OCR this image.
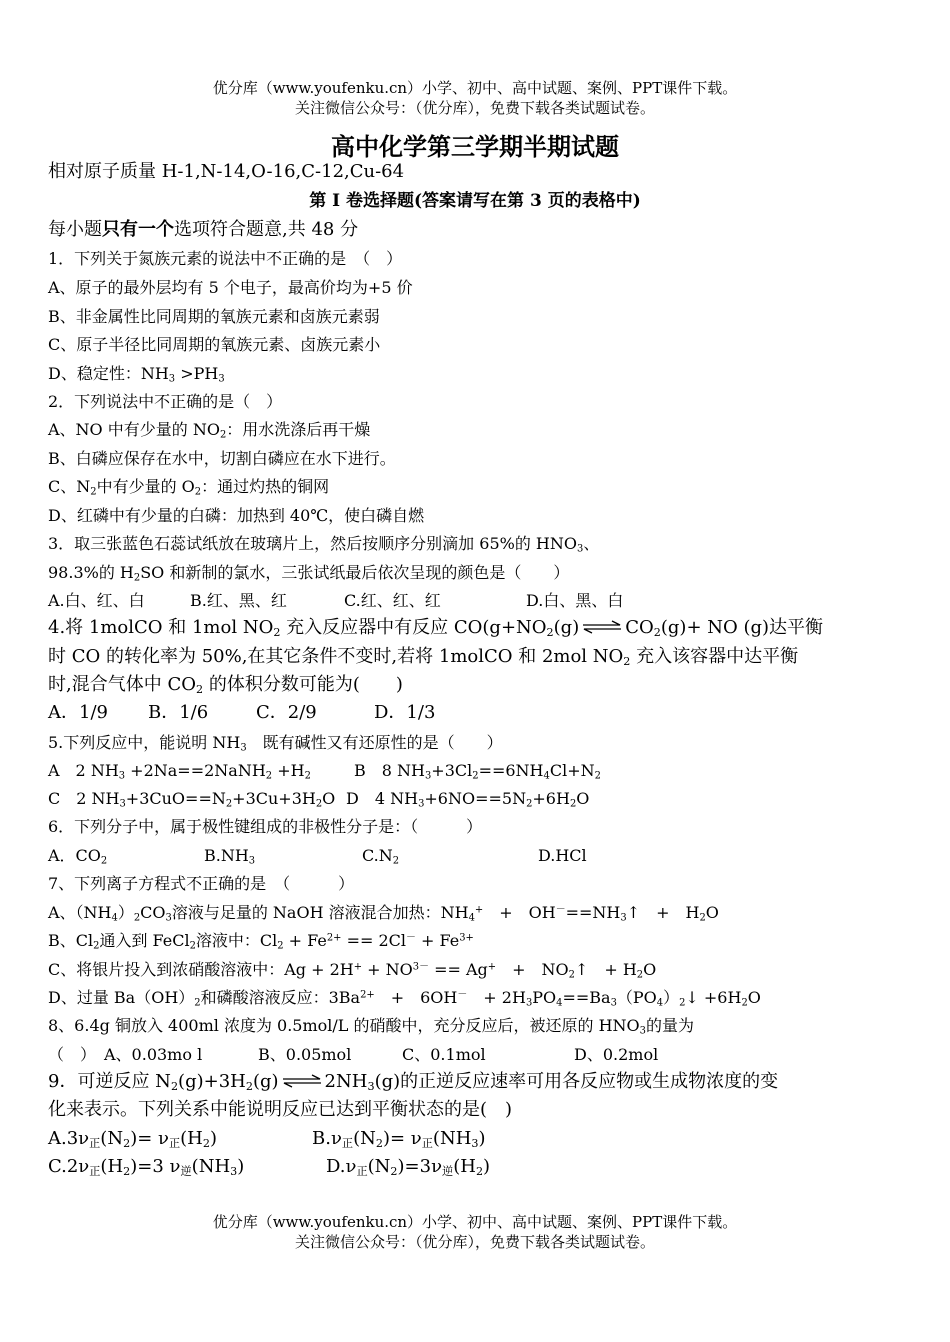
优分库（www.youfenku.cn）小学、初中、高中试题、案例、PPT课件下载。
关注微信公众号：（优分库），免费下载各类试题试卷。
高中化学第三学期半期试题
相对原子质量 H-1,N-14,O-16,C-12,Cu-64
第 I 卷选择题(答案请写在第 3 页的表格中)
每小题只有一个选项符合题意,共 48 分
1．下列关于氮族元素的说法中不正确的是　（　）
A、原子的最外层均有 5 个电子，最高价均为+5 价
B、非金属性比同周期的氧族元素和卤族元素弱
C、原子半径比同周期的氧族元素、卤族元素小
D、稳定性：$NH_3 >PH_3$
2．下列说法中不正确的是（　）
A、NO 中有少量的 $NO_2$：用水洗涤后再干燥
B、白磷应保存在水中，切割白磷应在水下进行。
C、$N_2$中有少量的 $O_2$：通过灼热的铜网
D、红磷中有少量的白磷：加热到 40℃，使白磷自燃
3．取三张蓝色石蕊试纸放在玻璃片上，然后按顺序分别滴加 65%的 $HNO_3$、
98.3%的 $H_2SO$ 和新制的氯水，三张试纸最后依次呈现的颜色是（　　）
A.白、红、白	B.红、黑、红	C.红、红、红	D.白、黑、白
4.将 1molCO 和 1mol $NO_2$ 充入反应器中有反应 $CO(g+NO_2(g)$ ⇌ $CO_2(g)+$ NO (g)达平衡
时 CO 的转化率为 50%,在其它条件不变时,若将 1molCO 和 2mol $NO_2$ 充入该容器中达平衡
时,混合气体中 $CO_2$ 的体积分数可能为(　　)
A．1/9 B．1/6	C．2/9	D．1/3
5.下列反应中，能说明 $NH_3$　既有碱性又有还原性的是（　　）
A　2 $NH_3$ +2Na==2NaNH$_2$ $+H_2$	B　8 $NH_3+3Cl_2==6NH_4Cl+N_2$
C　2 $NH_3+3CuO==N_2+3Cu+3H_2O$ D　4 $NH_3+6NO==5N_2+6H_2O$
6．下列分子中，属于极性键组成的非极性分子是：（　　　）
A．$CO_2$	$B.NH_3$	$C.N_2$	D.HCl
7、下列离子方程式不正确的是　（　　　）
A、$(NH_4)_2CO_3$溶液与足量的 NaOH 溶液混合加热：$NH_4^+$　+　$OH^-==NH_3↑$　+　$H_2O$
B、$Cl_2$通入到 FeCl$_2$溶液中：$Cl_2 + Fe^{2+} == 2Cl^- + Fe^{3+}$
C、将银片投入到浓硝酸溶液中：$Ag + 2H^+ + NO^{3-} == Ag^+$　+　$NO_2↑$　+ $H_2O$
D、过量 $Ba(OH)_2$和磷酸溶液反应：$3Ba^{2+}$　+　6OH－　+ $2H_3PO_4==Ba_3(PO_4)_2↓ +6H_2O$
8、6.4g 铜放入 400ml 浓度为 0.5mol/L 的硝酸中，充分反应后，被还原的 $HNO_3$的量为
（　）　A、0.03mo l	B、0.05mol	C、0.1mol	D、0.2mol
9．可逆反应 $N_2(g)+3H_2(g)$ ⇌ $2NH_3(g)$的正逆反应速率可用各反应物或生成物浓度的变
化来表示。下列关系中能说明反应已达到平衡状态的是(　)
$A.3\nu_正(N_2)= \nu_正(H_2)$	$B.\nu_正(N_2)= \nu_正(NH_3)$
$C.2\nu_正(H_2)=3$ $\nu_逆(NH_3)$	$D.\nu_正(N_2)=3\nu_逆(H_2)$
优分库（www.youfenku.cn）小学、初中、高中试题、案例、PPT课件下载。
关注微信公众号：（优分库），免费下载各类试题试卷。
